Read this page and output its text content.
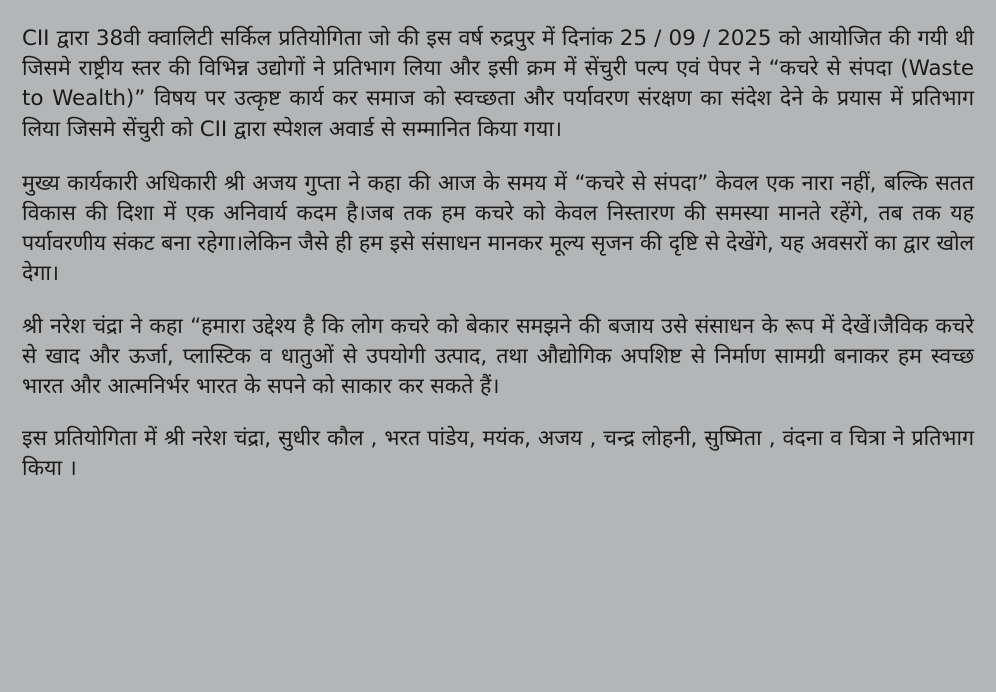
CII द्वारा 38वी क्वालिटी सर्किल प्रतियोगिता जो की इस वर्ष रुद्रपुर में दिनांक 25 / 09 / 2025 को आयोजित की गयी थी जिसमे राष्ट्रीय स्तर की विभिन्न उद्योगों ने प्रतिभाग लिया और इसी क्रम में सेंचुरी पल्प एवं पेपर ने “कचरे से संपदा (Waste to Wealth)” विषय पर उत्कृष्ट कार्य कर समाज को स्वच्छता और पर्यावरण संरक्षण का संदेश देने के प्रयास में प्रतिभाग लिया जिसमे सेंचुरी को CII द्वारा स्पेशल अवार्ड से सम्मानित किया गया।

मुख्य कार्यकारी अधिकारी श्री अजय गुप्ता ने कहा की आज के समय में “कचरे से संपदा” केवल एक नारा नहीं, बल्कि सतत विकास की दिशा में एक अनिवार्य कदम है।जब तक हम कचरे को केवल निस्तारण की समस्या मानते रहेंगे, तब तक यह पर्यावरणीय संकट बना रहेगा।लेकिन जैसे ही हम इसे संसाधन मानकर मूल्य सृजन की दृष्टि से देखेंगे, यह अवसरों का द्वार खोल देगा।

श्री नरेश चंद्रा ने कहा “हमारा उद्देश्य है कि लोग कचरे को बेकार समझने की बजाय उसे संसाधन के रूप में देखें।जैविक कचरे से खाद और ऊर्जा, प्लास्टिक व धातुओं से उपयोगी उत्पाद, तथा औद्योगिक अपशिष्ट से निर्माण सामग्री बनाकर हम स्वच्छ भारत और आत्मनिर्भर भारत के सपने को साकार कर सकते हैं।

इस प्रतियोगिता में श्री नरेश चंद्रा, सुधीर कौल , भरत पांडेय, मयंक, अजय , चन्द्र लोहनी, सुष्मिता , वंदना व चित्रा ने प्रतिभाग किया ।
